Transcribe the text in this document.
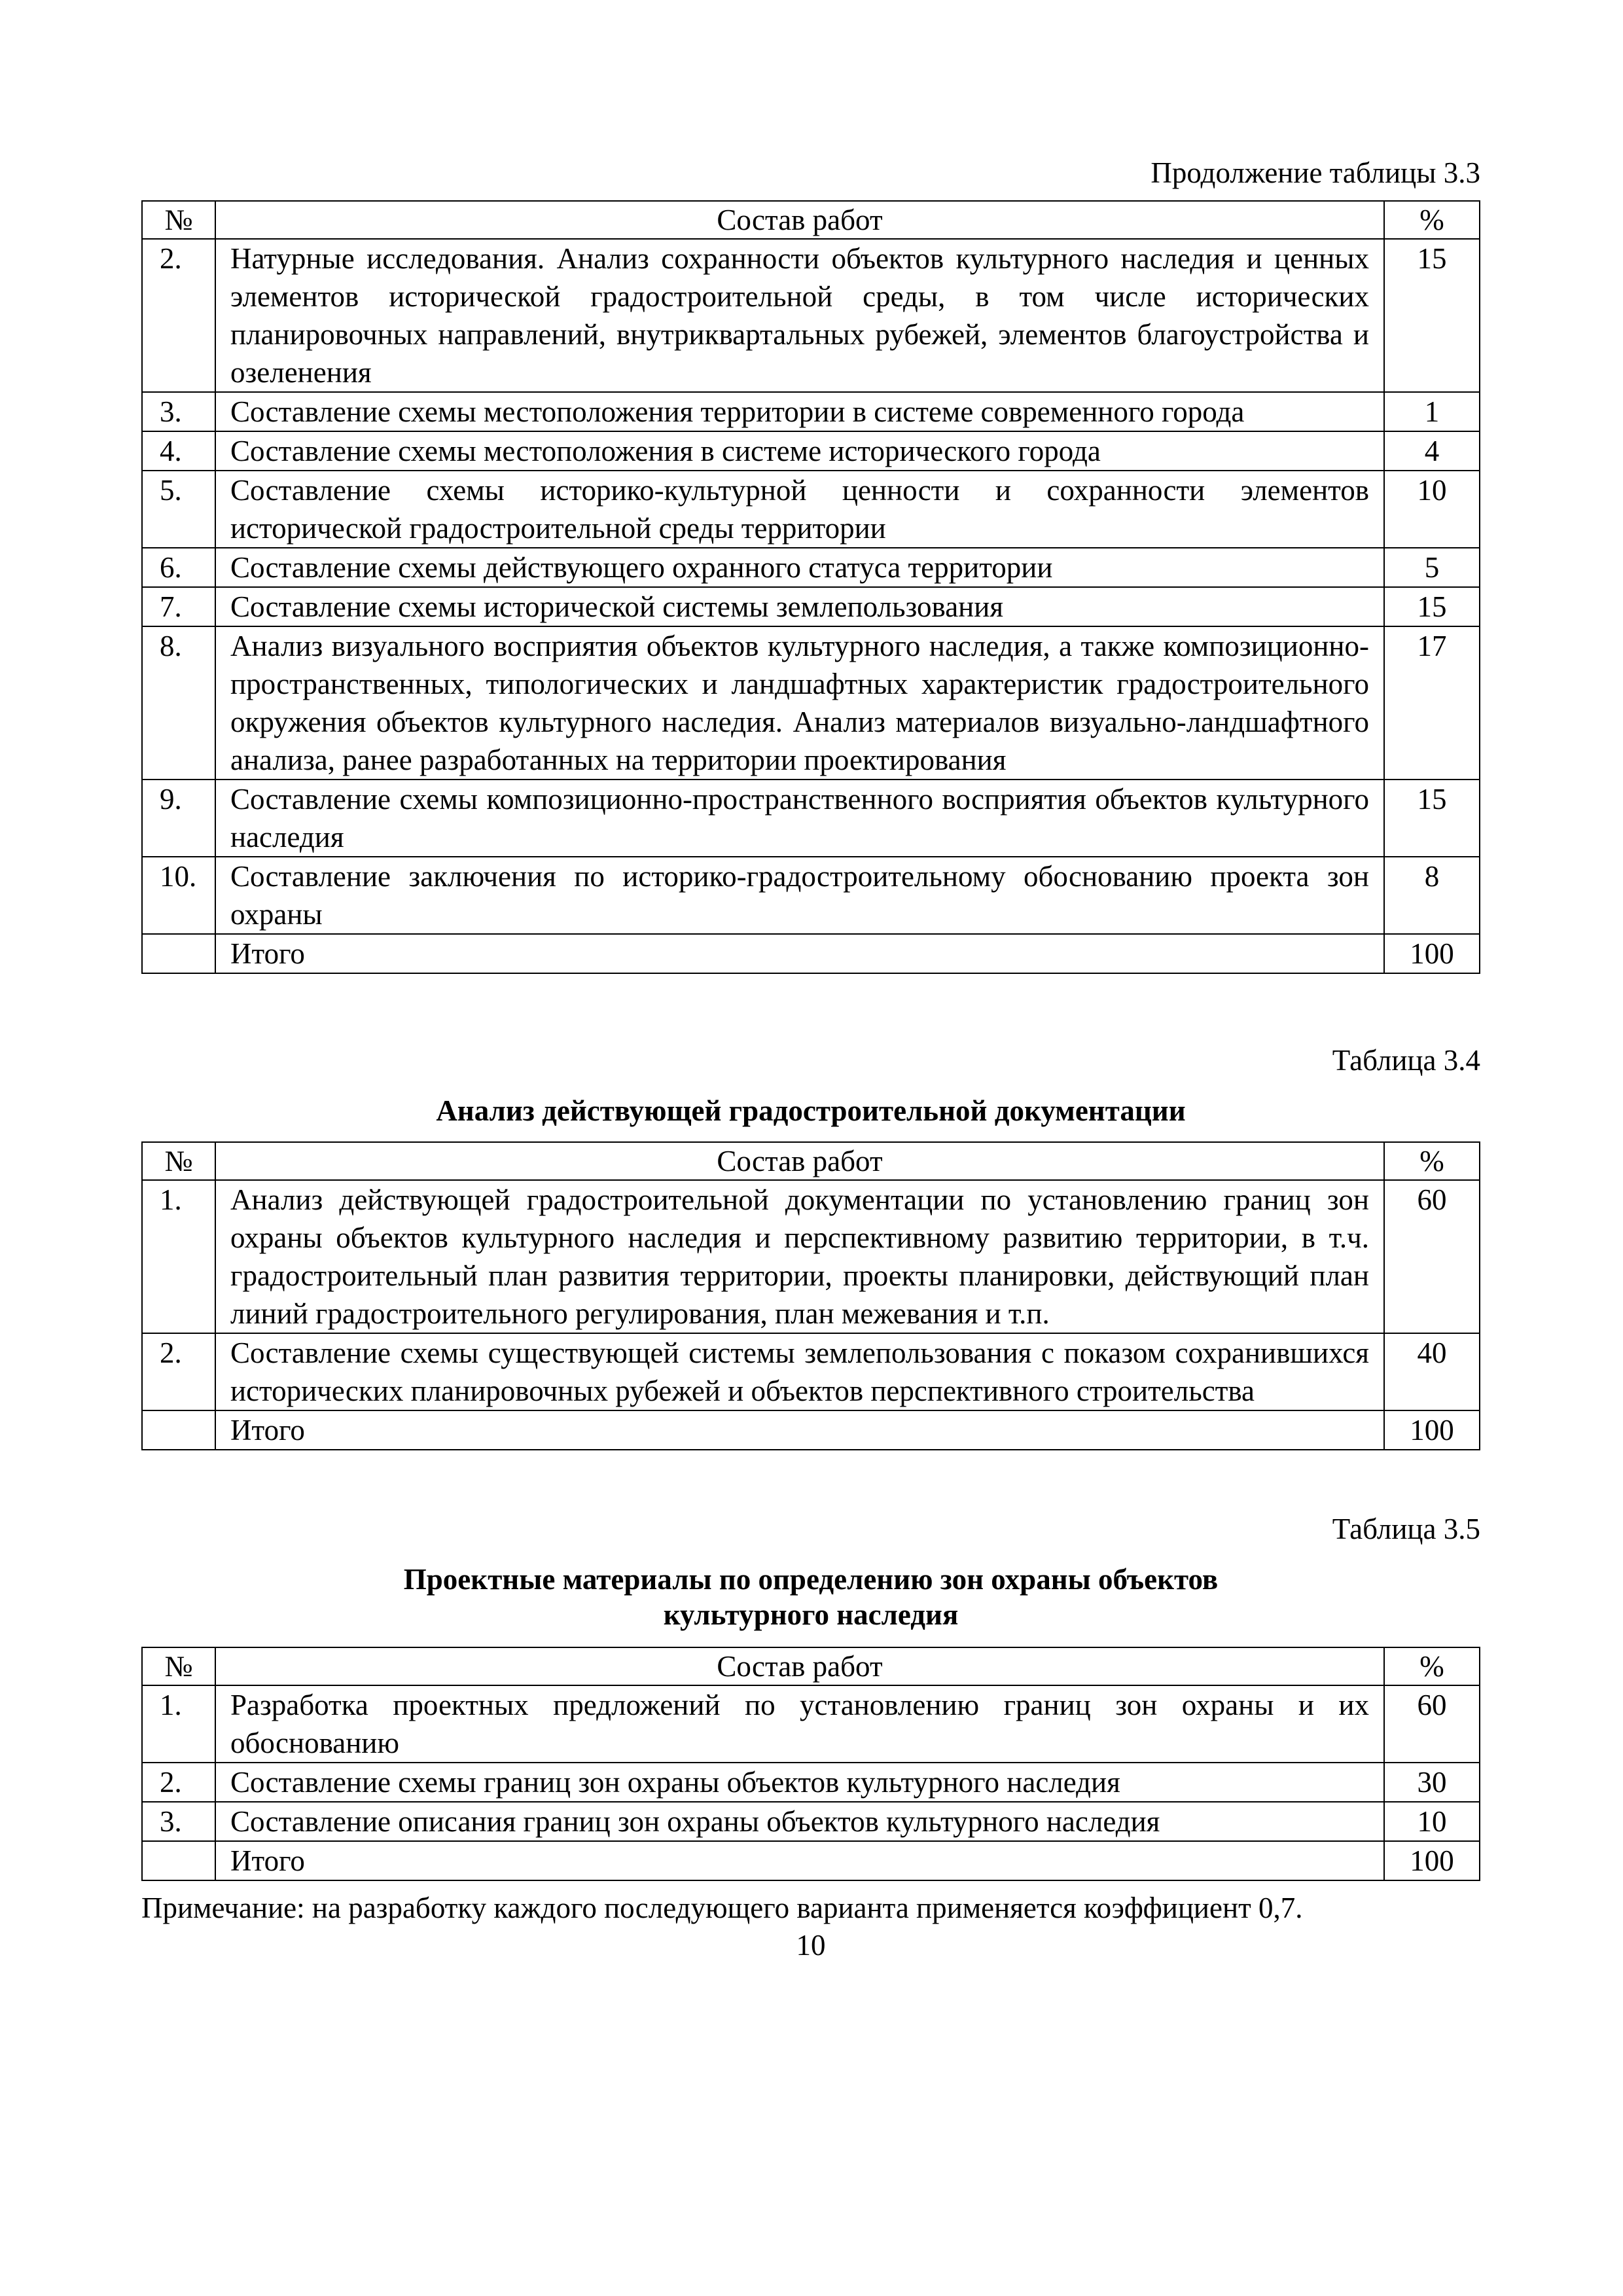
Продолжение таблицы 3.3
№	Состав работ	%
2.	Натурные исследования. Анализ сохранности объектов культурного наследия и ценных элементов исторической градостроительной среды, в том числе исторических планировочных направлений, внутриквартальных рубежей, элементов благоустройства и озеленения	15
3.	Составление схемы местоположения территории в системе современного города	1
4.	Составление схемы местоположения в системе исторического города	4
5.	Составление схемы историко-культурной ценности и сохранности элементов исторической градостроительной среды территории	10
6.	Составление схемы действующего охранного статуса территории	5
7.	Составление схемы исторической системы землепользования	15
8.	Анализ визуального восприятия объектов культурного наследия, а также композиционно-пространственных, типологических и ландшафтных характеристик градостроительного окружения объектов культурного наследия. Анализ материалов визуально-ландшафтного анализа, ранее разработанных на территории проектирования	17
9.	Составление схемы композиционно-пространственного восприятия объектов культурного наследия	15
10.	Составление заключения по историко-градостроительному обоснованию проекта зон охраны	8
	Итого	100
Таблица 3.4
Анализ действующей градостроительной документации
№	Состав работ	%
1.	Анализ действующей градостроительной документации по установлению границ зон охраны объектов культурного наследия и перспективному развитию территории, в т.ч. градостроительный план развития территории, проекты планировки, действующий план линий градостроительного регулирования, план межевания и т.п.	60
2.	Составление схемы существующей системы землепользования с показом сохранившихся исторических планировочных рубежей и объектов перспективного строительства	40
	Итого	100
Таблица 3.5
Проектные материалы по определению зон охраны объектов
культурного наследия
№	Состав работ	%
1.	Разработка проектных предложений по установлению границ зон охраны и их обоснованию	60
2.	Составление схемы границ зон охраны объектов культурного наследия	30
3.	Составление описания границ зон охраны объектов культурного наследия	10
	Итого	100
Примечание: на разработку каждого последующего варианта применяется коэффициент 0,7.
10
